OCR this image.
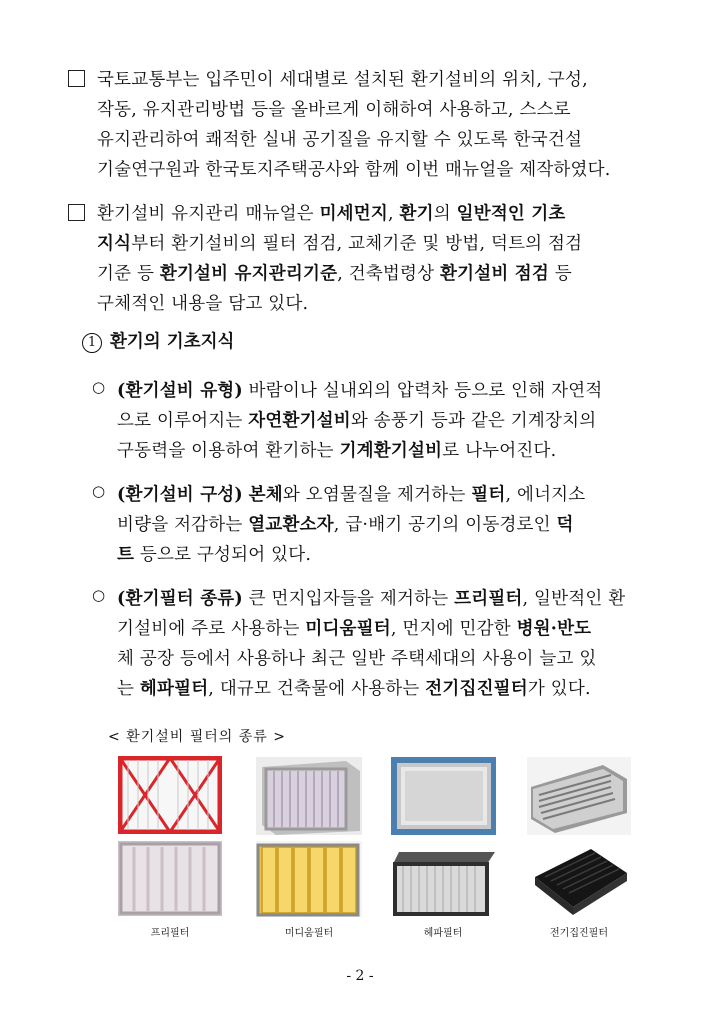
국토교통부는 입주민이 세대별로 설치된 환기설비의 위치, 구성,
작동, 유지관리방법 등을 올바르게 이해하여 사용하고, 스스로
유지관리하여 쾌적한 실내 공기질을 유지할 수 있도록 한국건설
기술연구원과 한국토지주택공사와 함께 이번 매뉴얼을 제작하였다.
환기설비 유지관리 매뉴얼은 미세먼지, 환기의 일반적인 기초
지식부터 환기설비의 필터 점검, 교체기준 및 방법, 덕트의 점검
기준 등 환기설비 유지관리기준, 건축법령상 환기설비 점검 등
구체적인 내용을 담고 있다.
1 환기의 기초지식
○ (환기설비 유형) 바람이나 실내외의 압력차 등으로 인해 자연적
으로 이루어지는 자연환기설비와 송풍기 등과 같은 기계장치의
구동력을 이용하여 환기하는 기계환기설비로 나누어진다.
○ (환기설비 구성) 본체와 오염물질을 제거하는 필터, 에너지소
비량을 저감하는 열교환소자, 급·배기 공기의 이동경로인 덕
트 등으로 구성되어 있다.
○ (환기필터 종류) 큰 먼지입자들을 제거하는 프리필터, 일반적인 환
기설비에 주로 사용하는 미디움필터, 먼지에 민감한 병원·반도
체 공장 등에서 사용하나 최근 일반 주택세대의 사용이 늘고 있
는 헤파필터, 대규모 건축물에 사용하는 전기집진필터가 있다.
< 환기설비 필터의 종류 >
프리필터	미디움필터	헤파필터	전기집진필터
- 2 -
